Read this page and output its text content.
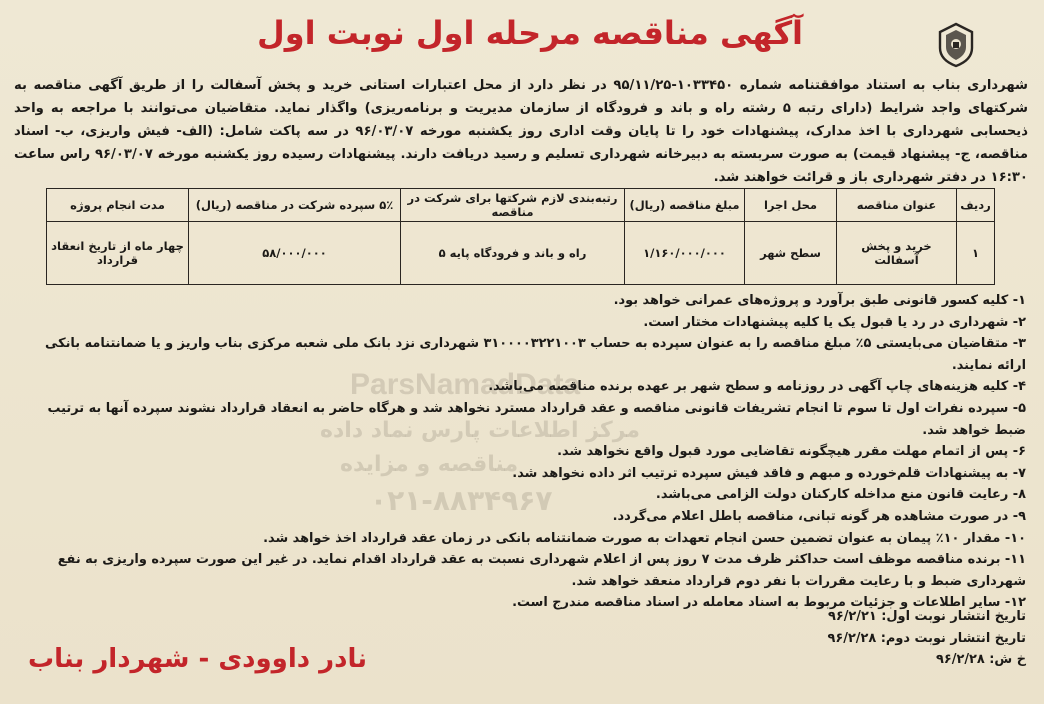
آگهی مناقصه مرحله اول نوبت اول
ParsNamadData
مرکز اطلاعات پارس نماد داده
مناقصه و مزایده
۰۲۱-۸۸۳۴۹۶۷
شهرداری بناب به استناد موافقتنامه شماره ۱۰۳۳۴۵۰-۹۵/۱۱/۲۵ در نظر دارد از محل اعتبارات استانی خرید و پخش آسفالت را از طریق آگهی مناقصه به شرکتهای واجد شرایط (دارای رتبه ۵ رشته راه و باند و فرودگاه از سازمان مدیریت و برنامه‌ریزی) واگذار نماید. متقاضیان می‌توانند با مراجعه به واحد ذیحسابی شهرداری با اخذ مدارک، پیشنهادات خود را تا پایان وقت اداری روز یکشنبه مورخه ۹۶/۰۳/۰۷ در سه پاکت شامل: (الف- فیش واریزی، ب- اسناد مناقصه، ج- پیشنهاد قیمت) به صورت سربسته به دبیرخانه شهرداری تسلیم و رسید دریافت دارند. پیشنهادات رسیده روز یکشنبه مورخه ۹۶/۰۳/۰۷ راس ساعت ۱۶:۳۰ در دفتر شهرداری باز و قرائت خواهند شد.
ردیف	عنوان مناقصه	محل اجرا	مبلغ مناقصه (ریال)	رتبه‌بندی لازم شرکتها برای شرکت در مناقصه	۵٪ سپرده شرکت در مناقصه (ریال)	مدت انجام پروژه
۱	خرید و پخش آسفالت	سطح شهر	۱/۱۶۰/۰۰۰/۰۰۰	راه و باند و فرودگاه پایه ۵	۵۸/۰۰۰/۰۰۰	چهار ماه از تاریخ انعقاد قرارداد
۱- کلیه کسور قانونی طبق برآورد و پروژه‌های عمرانی خواهد بود.
۲- شهرداری در رد یا قبول یک یا کلیه پیشنهادات مختار است.
۳- متقاضیان می‌بایستی ۵٪ مبلغ مناقصه را به عنوان سپرده به حساب ۳۱۰۰۰۰۳۲۲۱۰۰۳ شهرداری نزد بانک ملی شعبه مرکزی بناب واریز و یا ضمانتنامه بانکی ارائه نمایند.
۴- کلیه هزینه‌های چاپ آگهی در روزنامه و سطح شهر بر عهده برنده مناقصه می‌باشد.
۵- سپرده نفرات اول تا سوم تا انجام تشریفات قانونی مناقصه و عقد قرارداد مسترد نخواهد شد و هرگاه حاضر به انعقاد قرارداد نشوند سپرده آنها به ترتیب ضبط خواهد شد.
۶- پس از اتمام مهلت مقرر هیچگونه تقاضایی مورد قبول واقع نخواهد شد.
۷- به پیشنهادات قلم‌خورده و مبهم و فاقد فیش سپرده ترتیب اثر داده نخواهد شد.
۸- رعایت قانون منع مداخله کارکنان دولت الزامی می‌باشد.
۹- در صورت مشاهده هر گونه تبانی، مناقصه باطل اعلام می‌گردد.
۱۰- مقدار ۱۰٪ پیمان به عنوان تضمین حسن انجام تعهدات به صورت ضمانتنامه بانکی در زمان عقد قرارداد اخذ خواهد شد.
۱۱- برنده مناقصه موظف است حداکثر ظرف مدت ۷ روز پس از اعلام شهرداری نسبت به عقد قرارداد اقدام نماید. در غیر این صورت سپرده واریزی به نفع شهرداری ضبط و با رعایت مقررات با نفر دوم قرارداد منعقد خواهد شد.
۱۲- سایر اطلاعات و جزئیات مربوط به اسناد معامله در اسناد مناقصه مندرج است.
تاریخ انتشار نوبت اول: ۹۶/۲/۲۱
تاریخ انتشار نوبت دوم: ۹۶/۲/۲۸
خ ش: ۹۶/۲/۲۸
نادر داوودی - شهردار بناب
